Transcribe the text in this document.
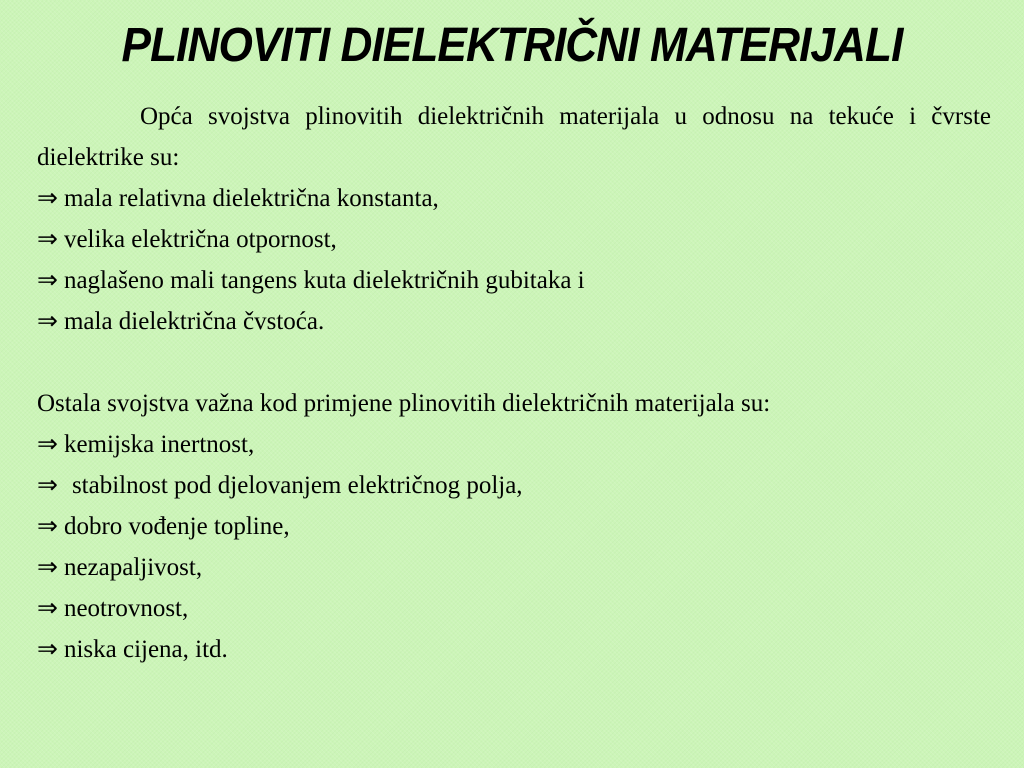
PLINOVITI DIELEKTRIČNI MATERIJALI

Opća svojstva plinovitih dielektričnih materijala u odnosu na tekuće i čvrste dielektrike su:

⇒ mala relativna dielektrična konstanta,
⇒ velika električna otpornost,
⇒ naglašeno mali tangens kuta dielektričnih gubitaka i
⇒ mala dielektrična čvstoća.

Ostala svojstva važna kod primjene plinovitih dielektričnih materijala su:

⇒ kemijska inertnost,
⇒ stabilnost pod djelovanjem električnog polja,
⇒ dobro vođenje topline,
⇒ nezapaljivost,
⇒ neotrovnost,
⇒ niska cijena, itd.
